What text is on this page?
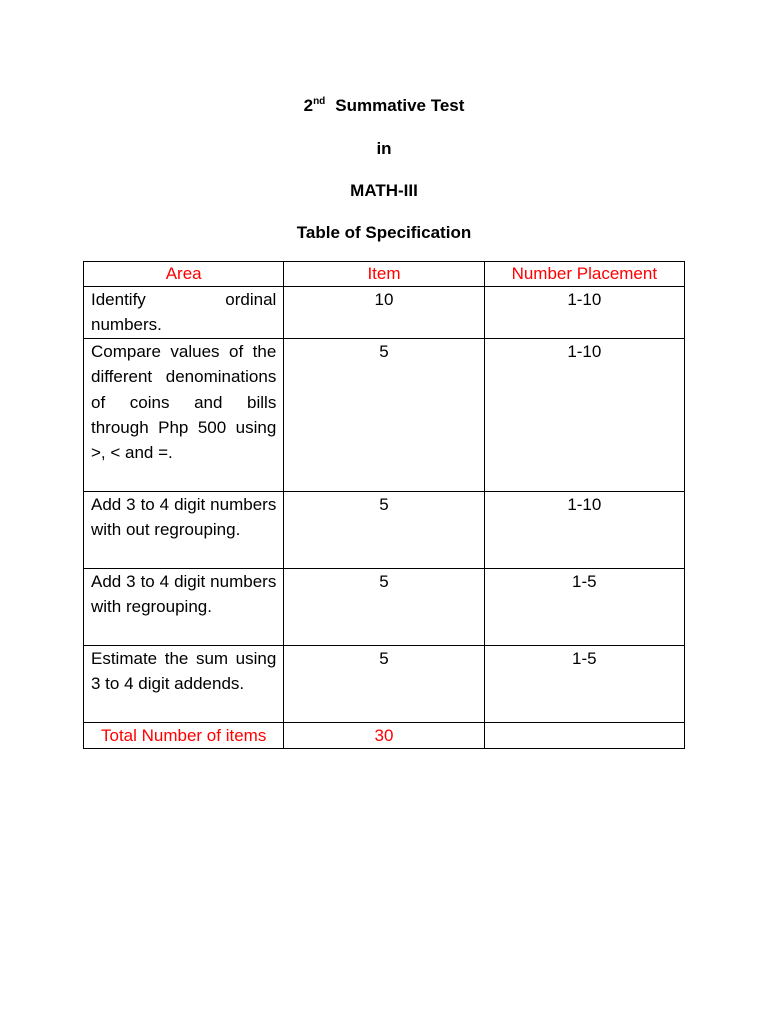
2nd Summative Test
in
MATH-III
Table of Specification
Area	Item	Number Placement
Identify ordinal numbers.	10	1-10
Compare values of the different denominations of coins and bills through Php 500 using >, < and =.	5	1-10
Add 3 to 4 digit numbers with out regrouping.	5	1-10
Add 3 to 4 digit numbers with regrouping.	5	1-5
Estimate the sum using 3 to 4 digit addends.	5	1-5
Total Number of items	30	
